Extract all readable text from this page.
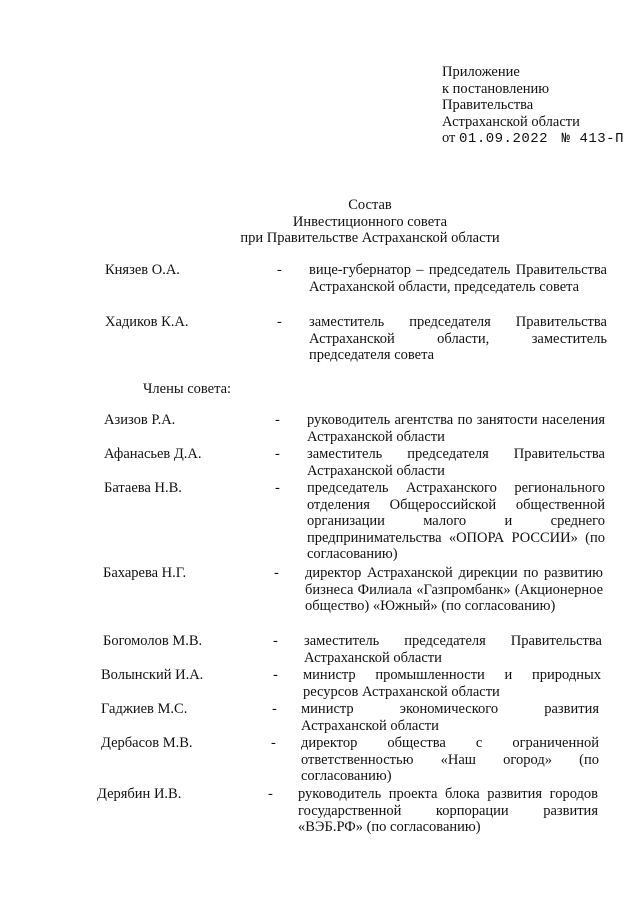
Приложение
к постановлению
Правительства
Астраханской области
от 01.09.2022 № 413-П
Состав
Инвестиционного совета
при Правительстве Астраханской области
Князев О.А.	- вице-губернатор – председатель Правительства Астраханской области, председатель совета
Хадиков К.А.	- заместитель председателя Правительства Астраханской области, заместитель председателя совета
Члены совета:
Азизов Р.А.	- руководитель агентства по занятости населения Астраханской области
Афанасьев Д.А.	- заместитель председателя Правительства Астраханской области
Батаева Н.В.	- председатель Астраханского регионального отделения Общероссийской общественной организации малого и среднего предпринимательства «ОПОРА РОССИИ» (по согласованию)
Бахарева Н.Г.	- директор Астраханской дирекции по развитию бизнеса Филиала «Газпромбанк» (Акционерное общество) «Южный» (по согласованию)
Богомолов М.В.	- заместитель председателя Правительства Астраханской области
Волынский И.А.	- министр промышленности и природных ресурсов Астраханской области
Гаджиев М.С.	- министр экономического развития Астраханской области
Дербасов М.В.	- директор общества с ограниченной ответственностью «Наш огород» (по согласованию)
Дерябин И.В.	- руководитель проекта блока развития городов государственной корпорации развития «ВЭБ.РФ» (по согласованию)
